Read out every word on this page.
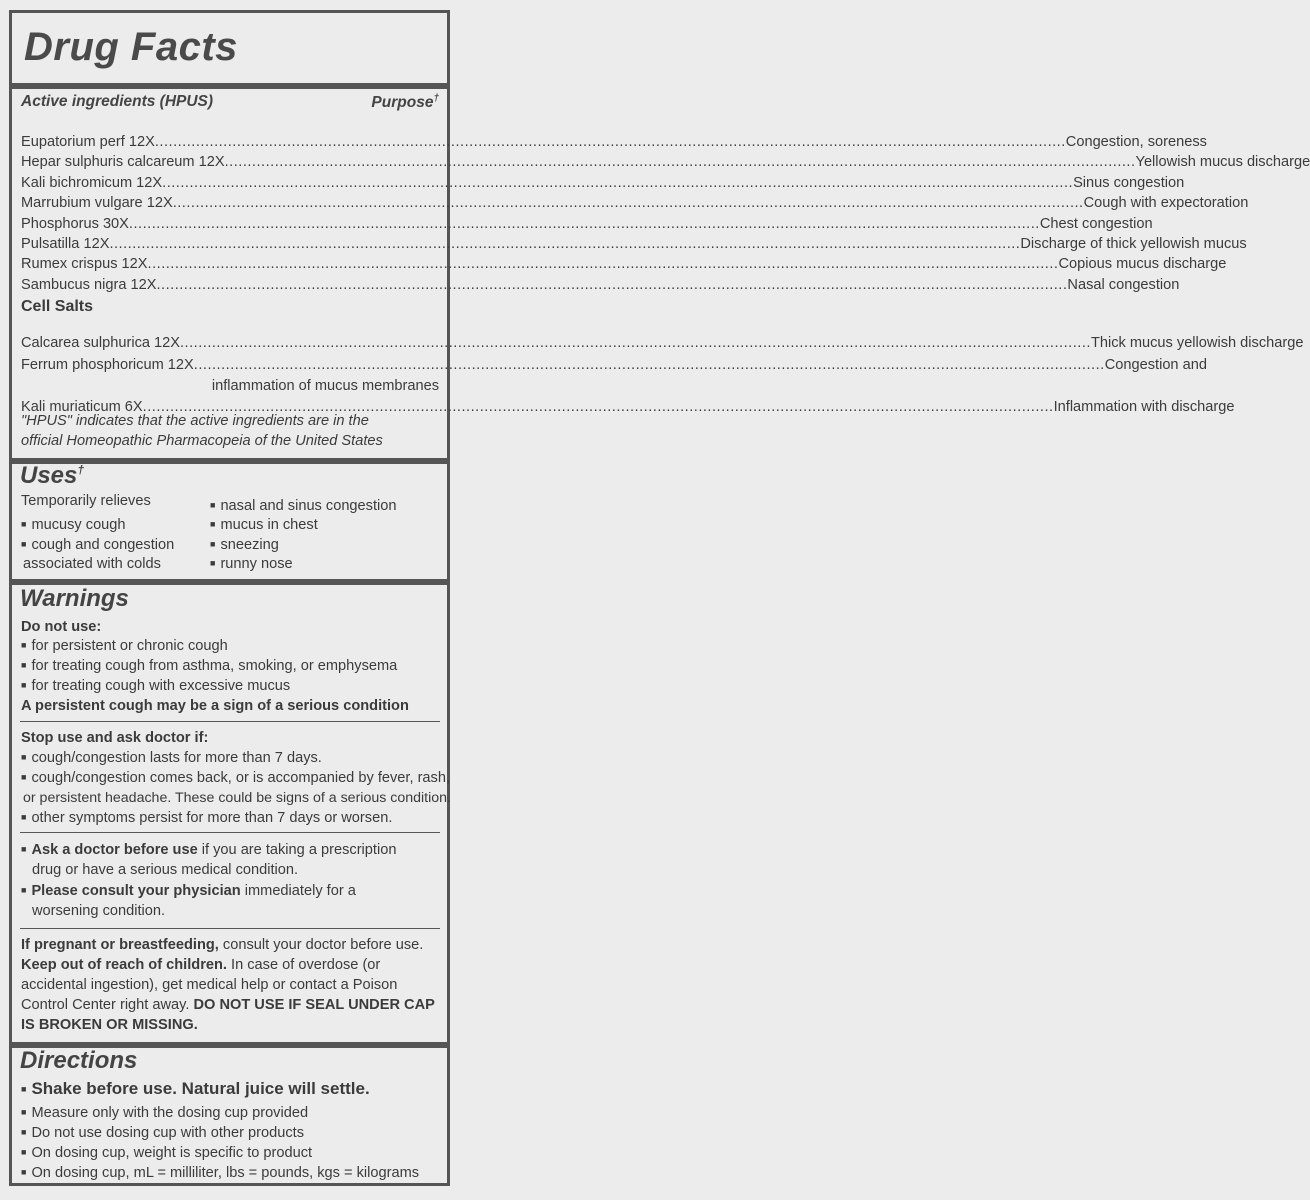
Drug Facts
Active ingredients (HPUS)	Purpose†
Eupatorium perf 12X ........................................................................................................................................................................................................ Congestion, soreness
Hepar sulphuris calcareum 12X ........................................................................................................................................................................................................ Yellowish mucus discharge
Kali bichromicum 12X ........................................................................................................................................................................................................ Sinus congestion
Marrubium vulgare 12X ........................................................................................................................................................................................................ Cough with expectoration
Phosphorus 30X ........................................................................................................................................................................................................ Chest congestion
Pulsatilla 12X ........................................................................................................................................................................................................ Discharge of thick yellowish mucus
Rumex crispus 12X ........................................................................................................................................................................................................ Copious mucus discharge
Sambucus nigra 12X ........................................................................................................................................................................................................ Nasal congestion
Cell Salts
Calcarea sulphurica 12X ........................................................................................................................................................................................................ Thick mucus yellowish discharge
Ferrum phosphoricum 12X ........................................................................................................................................................................................................ Congestion and
inflammation of mucus membranes
Kali muriaticum 6X ........................................................................................................................................................................................................ Inflammation with discharge
"HPUS" indicates that the active ingredients are in the
official Homeopathic Pharmacopeia of the United States
Uses†
Temporarily relieves
■ mucusy cough
■ cough and congestion
associated with colds
■ nasal and sinus congestion
■ mucus in chest
■ sneezing
■ runny nose
Warnings
Do not use:
■ for persistent or chronic cough
■ for treating cough from asthma, smoking, or emphysema
■ for treating cough with excessive mucus
A persistent cough may be a sign of a serious condition
Stop use and ask doctor if:
■ cough/congestion lasts for more than 7 days.
■ cough/congestion comes back, or is accompanied by fever, rash,
or persistent headache. These could be signs of a serious condition.
■ other symptoms persist for more than 7 days or worsen.
■ Ask a doctor before use if you are taking a prescription
drug or have a serious medical condition.
■ Please consult your physician immediately for a
worsening condition.
If pregnant or breastfeeding, consult your doctor before use.
Keep out of reach of children. In case of overdose (or
accidental ingestion), get medical help or contact a Poison
Control Center right away. DO NOT USE IF SEAL UNDER CAP
IS BROKEN OR MISSING.
Directions
■ Shake before use. Natural juice will settle.
■ Measure only with the dosing cup provided
■ Do not use dosing cup with other products
■ On dosing cup, weight is specific to product
■ On dosing cup, mL = milliliter, lbs = pounds, kgs = kilograms
